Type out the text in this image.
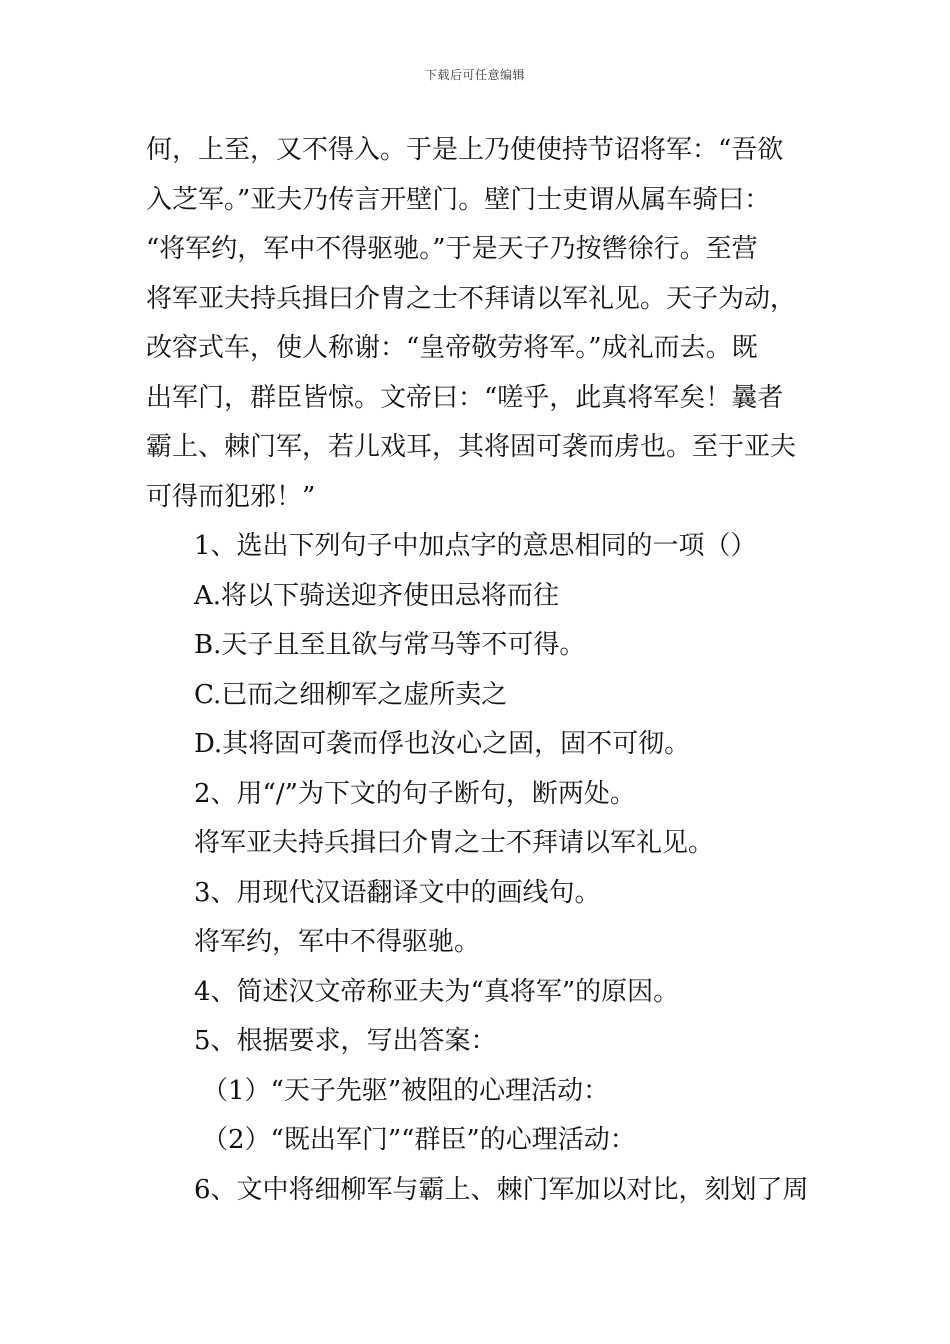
下载后可任意编辑
何，上至，又不得入。于是上乃使使持节诏将军：“吾欲
入芝军。”亚夫乃传言开壁门。壁门士吏谓从属车骑曰：
“将军约，军中不得驱驰。”于是天子乃按辔徐行。至营
将军亚夫持兵揖曰介胄之士不拜请以军礼见。天子为动，
改容式车，使人称谢：“皇帝敬劳将军。”成礼而去。既
出军门，群臣皆惊。文帝曰：“嗟乎，此真将军矣！曩者
霸上、棘门军，若儿戏耳，其将固可袭而虏也。至于亚夫
可得而犯邪！”
1、选出下列句子中加点字的意思相同的一项（）
A.将以下骑送迎齐使田忌将而往
B.天子且至且欲与常马等不可得。
C.已而之细柳军之虚所卖之
D.其将固可袭而俘也汝心之固，固不可彻。
2、用“/”为下文的句子断句，断两处。
将军亚夫持兵揖曰介胄之士不拜请以军礼见。
3、用现代汉语翻译文中的画线句。
将军约，军中不得驱驰。
4、简述汉文帝称亚夫为“真将军”的原因。
5、根据要求，写出答案：
（1）“天子先驱”被阻的心理活动：
（2）“既出军门”“群臣”的心理活动：
6、文中将细柳军与霸上、棘门军加以对比，刻划了周
